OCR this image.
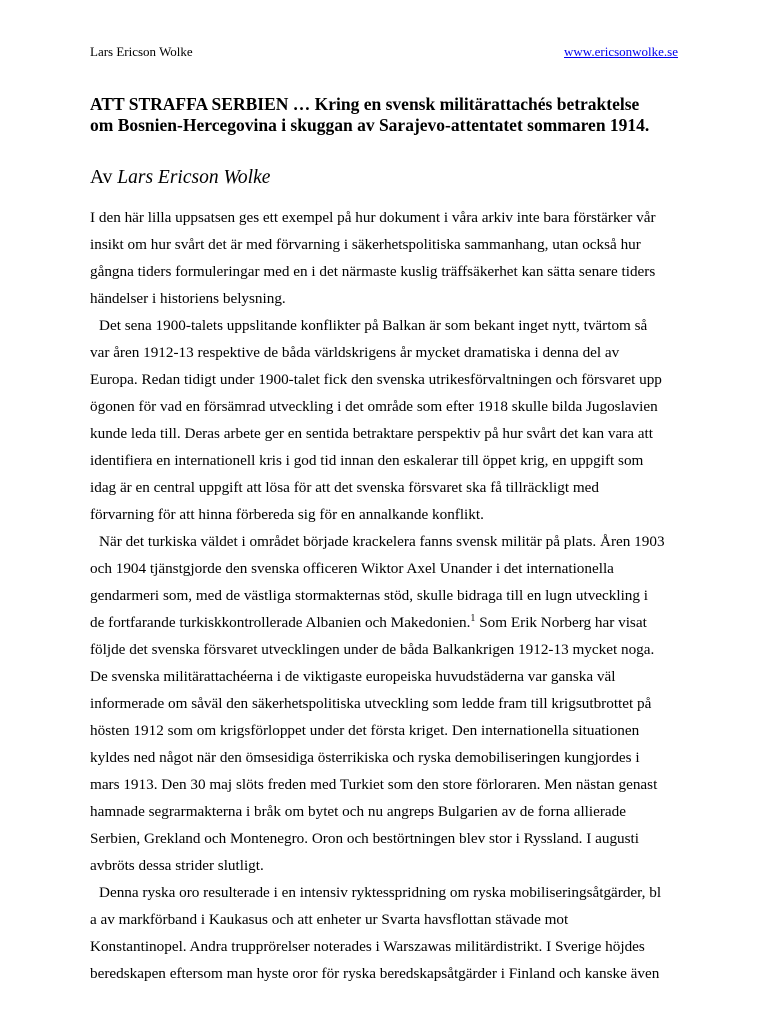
Lars Ericson Wolke	www.ericsonwolke.se
ATT STRAFFA SERBIEN … Kring en svensk militärattachés betraktelse
om Bosnien-Hercegovina i skuggan av Sarajevo-attentatet sommaren 1914.
Av Lars Ericson Wolke

I den här lilla uppsatsen ges ett exempel på hur dokument i våra arkiv inte bara förstärker vår
insikt om hur svårt det är med förvarning i säkerhetspolitiska sammanhang, utan också hur
gångna tiders formuleringar med en i det närmaste kuslig träffsäkerhet kan sätta senare tiders
händelser i historiens belysning.

Det sena 1900-talets uppslitande konflikter på Balkan är som bekant inget nytt, tvärtom så
var åren 1912-13 respektive de båda världskrigens år mycket dramatiska i denna del av
Europa. Redan tidigt under 1900-talet fick den svenska utrikesförvaltningen och försvaret upp
ögonen för vad en försämrad utveckling i det område som efter 1918 skulle bilda Jugoslavien
kunde leda till. Deras arbete ger en sentida betraktare perspektiv på hur svårt det kan vara att
identifiera en internationell kris i god tid innan den eskalerar till öppet krig, en uppgift som
idag är en central uppgift att lösa för att det svenska försvaret ska få tillräckligt med
förvarning för att hinna förbereda sig för en annalkande konflikt.

När det turkiska väldet i området började krackelera fanns svensk militär på plats. Åren 1903
och 1904 tjänstgjorde den svenska officeren Wiktor Axel Unander i det internationella
gendarmeri som, med de västliga stormakternas stöd, skulle bidraga till en lugn utveckling i
de fortfarande turkiskkontrollerade Albanien och Makedonien.$^1$ Som Erik Norberg har visat
följde det svenska försvaret utvecklingen under de båda Balkankrigen 1912-13 mycket noga.
De svenska militärattachéerna i de viktigaste europeiska huvudstäderna var ganska väl
informerade om såväl den säkerhetspolitiska utveckling som ledde fram till krigsutbrottet på
hösten 1912 som om krigsförloppet under det första kriget. Den internationella situationen
kyldes ned något när den ömsesidiga österrikiska och ryska demobiliseringen kungjordes i
mars 1913. Den 30 maj slöts freden med Turkiet som den store förloraren. Men nästan genast
hamnade segrarmakterna i bråk om bytet och nu angreps Bulgarien av de forna allierade
Serbien, Grekland och Montenegro. Oron och bestörtningen blev stor i Ryssland. I augusti
avbröts dessa strider slutligt.

Denna ryska oro resulterade i en intensiv ryktesspridning om ryska mobiliseringsåtgärder, bl
a av markförband i Kaukasus och att enheter ur Svarta havsflottan stävade mot
Konstantinopel. Andra trupprörelser noterades i Warszawas militärdistrikt. I Sverige höjdes
beredskapen eftersom man hyste oror för ryska beredskapsåtgärder i Finland och kanske även
